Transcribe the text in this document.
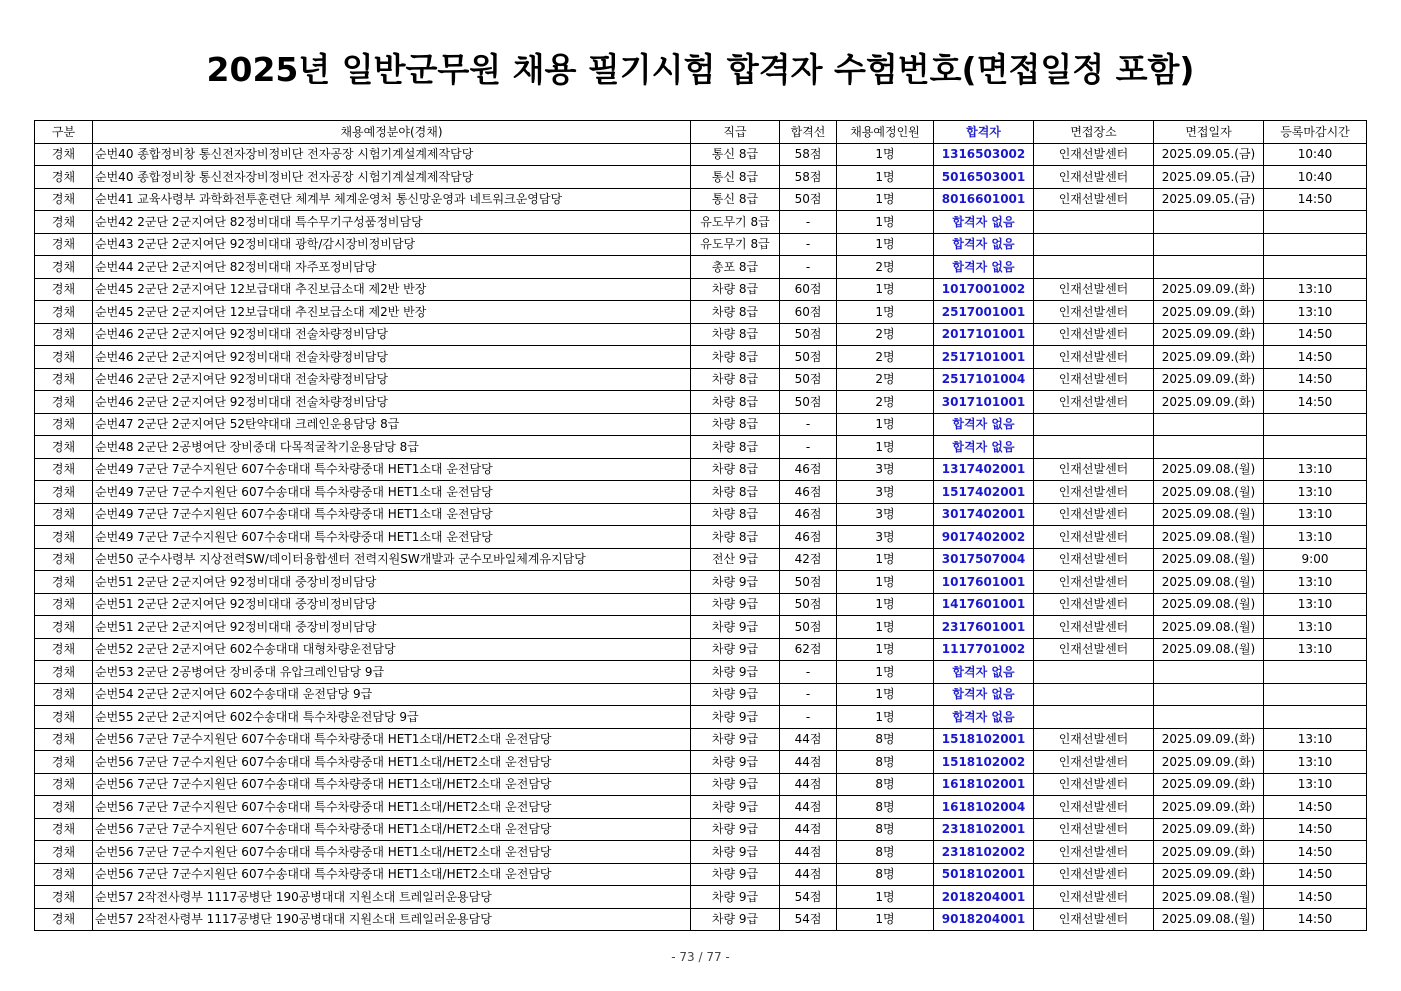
2025년 일반군무원 채용 필기시험 합격자 수험번호(면접일정 포함)
구분	채용예정분야(경채)	직급	합격선	채용예정인원	합격자	면접장소	면접일자	등록마감시간
경채	순번40 종합정비창 통신전자장비정비단 전자공장 시험기계설계제작담당	통신 8급	58점	1명	1316503002	인재선발센터	2025.09.05.(금)	10:40
경채	순번40 종합정비창 통신전자장비정비단 전자공장 시험기계설계제작담당	통신 8급	58점	1명	5016503001	인재선발센터	2025.09.05.(금)	10:40
경채	순번41 교육사령부 과학화전투훈련단 체계부 체계운영처 통신망운영과 네트워크운영담당	통신 8급	50점	1명	8016601001	인재선발센터	2025.09.05.(금)	14:50
경채	순번42 2군단 2군지여단 82정비대대 특수무기구성품정비담당	유도무기 8급	-	1명	합격자 없음			
경채	순번43 2군단 2군지여단 92정비대대 광학/감시장비정비담당	유도무기 8급	-	1명	합격자 없음			
경채	순번44 2군단 2군지여단 82정비대대 자주포정비담당	총포 8급	-	2명	합격자 없음			
경채	순번45 2군단 2군지여단 12보급대대 추진보급소대 제2반 반장	차량 8급	60점	1명	1017001002	인재선발센터	2025.09.09.(화)	13:10
경채	순번45 2군단 2군지여단 12보급대대 추진보급소대 제2반 반장	차량 8급	60점	1명	2517001001	인재선발센터	2025.09.09.(화)	13:10
경채	순번46 2군단 2군지여단 92정비대대 전술차량정비담당	차량 8급	50점	2명	2017101001	인재선발센터	2025.09.09.(화)	14:50
경채	순번46 2군단 2군지여단 92정비대대 전술차량정비담당	차량 8급	50점	2명	2517101001	인재선발센터	2025.09.09.(화)	14:50
경채	순번46 2군단 2군지여단 92정비대대 전술차량정비담당	차량 8급	50점	2명	2517101004	인재선발센터	2025.09.09.(화)	14:50
경채	순번46 2군단 2군지여단 92정비대대 전술차량정비담당	차량 8급	50점	2명	3017101001	인재선발센터	2025.09.09.(화)	14:50
경채	순번47 2군단 2군지여단 52탄약대대 크레인운용담당 8급	차량 8급	-	1명	합격자 없음			
경채	순번48 2군단 2공병여단 장비중대 다목적굴착기운용담당 8급	차량 8급	-	1명	합격자 없음			
경채	순번49 7군단 7군수지원단 607수송대대 특수차량중대 HET1소대 운전담당	차량 8급	46점	3명	1317402001	인재선발센터	2025.09.08.(월)	13:10
경채	순번49 7군단 7군수지원단 607수송대대 특수차량중대 HET1소대 운전담당	차량 8급	46점	3명	1517402001	인재선발센터	2025.09.08.(월)	13:10
경채	순번49 7군단 7군수지원단 607수송대대 특수차량중대 HET1소대 운전담당	차량 8급	46점	3명	3017402001	인재선발센터	2025.09.08.(월)	13:10
경채	순번49 7군단 7군수지원단 607수송대대 특수차량중대 HET1소대 운전담당	차량 8급	46점	3명	9017402002	인재선발센터	2025.09.08.(월)	13:10
경채	순번50 군수사령부 지상전력SW/데이터융합센터 전력지원SW개발과 군수모바일체계유지담당	전산 9급	42점	1명	3017507004	인재선발센터	2025.09.08.(월)	9:00
경채	순번51 2군단 2군지여단 92정비대대 중장비정비담당	차량 9급	50점	1명	1017601001	인재선발센터	2025.09.08.(월)	13:10
경채	순번51 2군단 2군지여단 92정비대대 중장비정비담당	차량 9급	50점	1명	1417601001	인재선발센터	2025.09.08.(월)	13:10
경채	순번51 2군단 2군지여단 92정비대대 중장비정비담당	차량 9급	50점	1명	2317601001	인재선발센터	2025.09.08.(월)	13:10
경채	순번52 2군단 2군지여단 602수송대대 대형차량운전담당	차량 9급	62점	1명	1117701002	인재선발센터	2025.09.08.(월)	13:10
경채	순번53 2군단 2공병여단 장비중대 유압크레인담당 9급	차량 9급	-	1명	합격자 없음			
경채	순번54 2군단 2군지여단 602수송대대 운전담당 9급	차량 9급	-	1명	합격자 없음			
경채	순번55 2군단 2군지여단 602수송대대 특수차량운전담당 9급	차량 9급	-	1명	합격자 없음			
경채	순번56 7군단 7군수지원단 607수송대대 특수차량중대 HET1소대/HET2소대 운전담당	차량 9급	44점	8명	1518102001	인재선발센터	2025.09.09.(화)	13:10
경채	순번56 7군단 7군수지원단 607수송대대 특수차량중대 HET1소대/HET2소대 운전담당	차량 9급	44점	8명	1518102002	인재선발센터	2025.09.09.(화)	13:10
경채	순번56 7군단 7군수지원단 607수송대대 특수차량중대 HET1소대/HET2소대 운전담당	차량 9급	44점	8명	1618102001	인재선발센터	2025.09.09.(화)	13:10
경채	순번56 7군단 7군수지원단 607수송대대 특수차량중대 HET1소대/HET2소대 운전담당	차량 9급	44점	8명	1618102004	인재선발센터	2025.09.09.(화)	14:50
경채	순번56 7군단 7군수지원단 607수송대대 특수차량중대 HET1소대/HET2소대 운전담당	차량 9급	44점	8명	2318102001	인재선발센터	2025.09.09.(화)	14:50
경채	순번56 7군단 7군수지원단 607수송대대 특수차량중대 HET1소대/HET2소대 운전담당	차량 9급	44점	8명	2318102002	인재선발센터	2025.09.09.(화)	14:50
경채	순번56 7군단 7군수지원단 607수송대대 특수차량중대 HET1소대/HET2소대 운전담당	차량 9급	44점	8명	5018102001	인재선발센터	2025.09.09.(화)	14:50
경채	순번57 2작전사령부 1117공병단 190공병대대 지원소대 트레일러운용담당	차량 9급	54점	1명	2018204001	인재선발센터	2025.09.08.(월)	14:50
경채	순번57 2작전사령부 1117공병단 190공병대대 지원소대 트레일러운용담당	차량 9급	54점	1명	9018204001	인재선발센터	2025.09.08.(월)	14:50
- 73 / 77 -
